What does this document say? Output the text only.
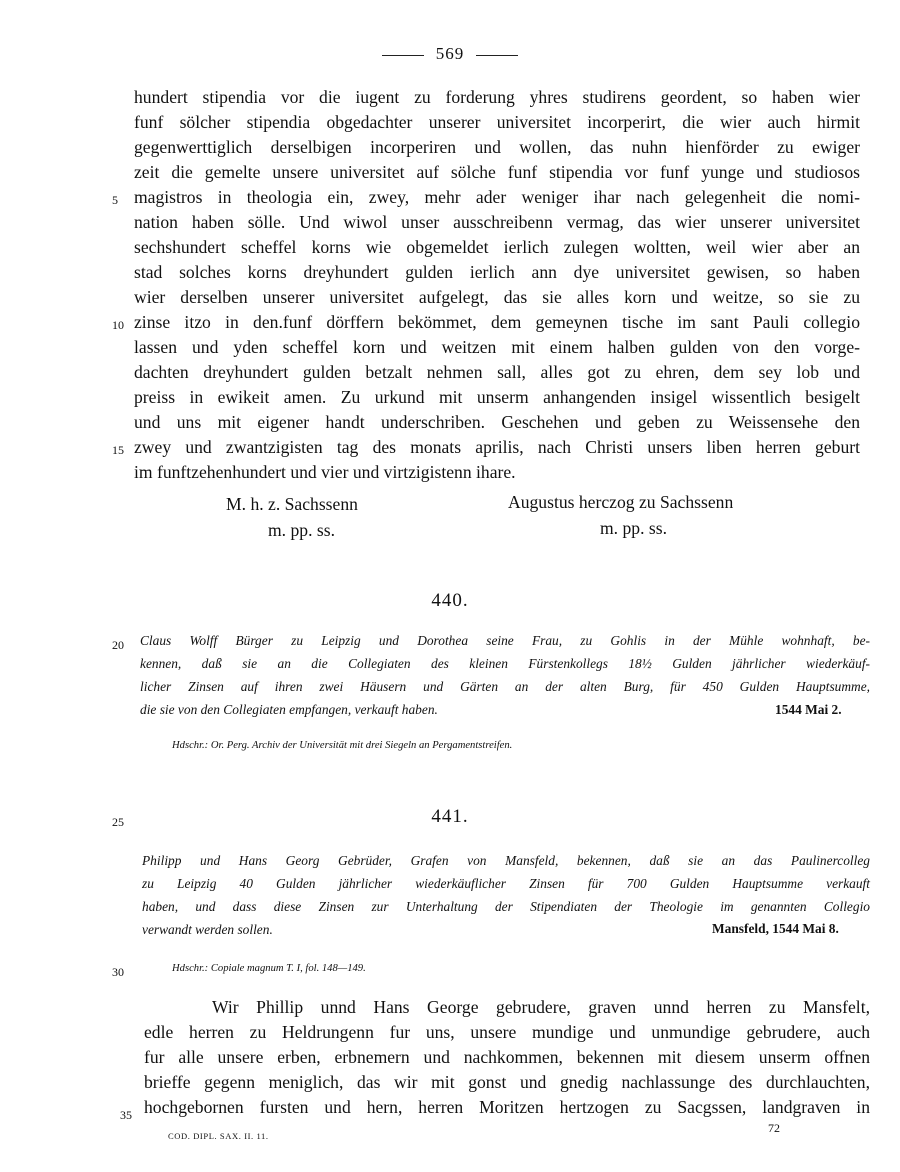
569
hundert stipendia vor die iugent zu forderung yhres studirens geordent, so haben wier
funf sölcher stipendia obgedachter unserer universitet incorperirt, die wier auch hirmit
gegenwerttiglich derselbigen incorperiren und wollen, das nuhn hienförder zu ewiger
zeit die gemelte unsere universitet auf sölche funf stipendia vor funf yunge und studiosos
magistros in theologia ein, zwey, mehr ader weniger ihar nach gelegenheit die nomi-
nation haben sölle. Und wiwol unser ausschreibenn vermag, das wier unserer universitet
sechshundert scheffel korns wie obgemeldet ierlich zulegen woltten, weil wier aber an
stad solches korns dreyhundert gulden ierlich ann dye universitet gewisen, so haben
wier derselben unserer universitet aufgelegt, das sie alles korn und weitze, so sie zu
zinse itzo in den.funf dörffern bekömmet, dem gemeynen tische im sant Pauli collegio
lassen und yden scheffel korn und weitzen mit einem halben gulden von den vorge-
dachten dreyhundert gulden betzalt nehmen sall, alles got zu ehren, dem sey lob und
preiss in ewikeit amen. Zu urkund mit unserm anhangenden insigel wissentlich besigelt
und uns mit eigener handt underschriben. Geschehen und geben zu Weissensehe den
zwey und zwantzigisten tag des monats aprilis, nach Christi unsers liben herren geburt
im funftzehenhundert und vier und virtzigistenn ihare.
5
10
15
20
25
30
35
M. h. z. Sachssenn
m. pp. ss.
Augustus herczog zu Sachssenn
m. pp. ss.
440.
Claus Wolff Bürger zu Leipzig und Dorothea seine Frau, zu Gohlis in der Mühle wohnhaft, be-
kennen, daß sie an die Collegiaten des kleinen Fürstenkollegs 18½ Gulden jährlicher wiederkäuf-
licher Zinsen auf ihren zwei Häusern und Gärten an der alten Burg, für 450 Gulden Hauptsumme,
die sie von den Collegiaten empfangen, verkauft haben.	1544 Mai 2.
Hdschr.: Or. Perg. Archiv der Universität mit drei Siegeln an Pergamentstreifen.
441.
Philipp und Hans Georg Gebrüder, Grafen von Mansfeld, bekennen, daß sie an das Paulinercolleg
zu Leipzig 40 Gulden jährlicher wiederkäuflicher Zinsen für 700 Gulden Hauptsumme verkauft
haben, und dass diese Zinsen zur Unterhaltung der Stipendiaten der Theologie im genannten Collegio
verwandt werden sollen.	Mansfeld, 1544 Mai 8.
Hdschr.: Copiale magnum T. I, fol. 148—149.
Wir Phillip unnd Hans George gebrudere, graven unnd herren zu Mansfelt,
edle herren zu Heldrungenn fur uns, unsere mundige und unmundige gebrudere, auch
fur alle unsere erben, erbnemern und nachkommen, bekennen mit diesem unserm offnen
brieffe gegenn meniglich, das wir mit gonst und gnedig nachlassunge des durchlauchten,
hochgebornen fursten und hern, herren Moritzen hertzogen zu Sacgssen, landgraven in
COD. DIPL. SAX. II. 11.
72
